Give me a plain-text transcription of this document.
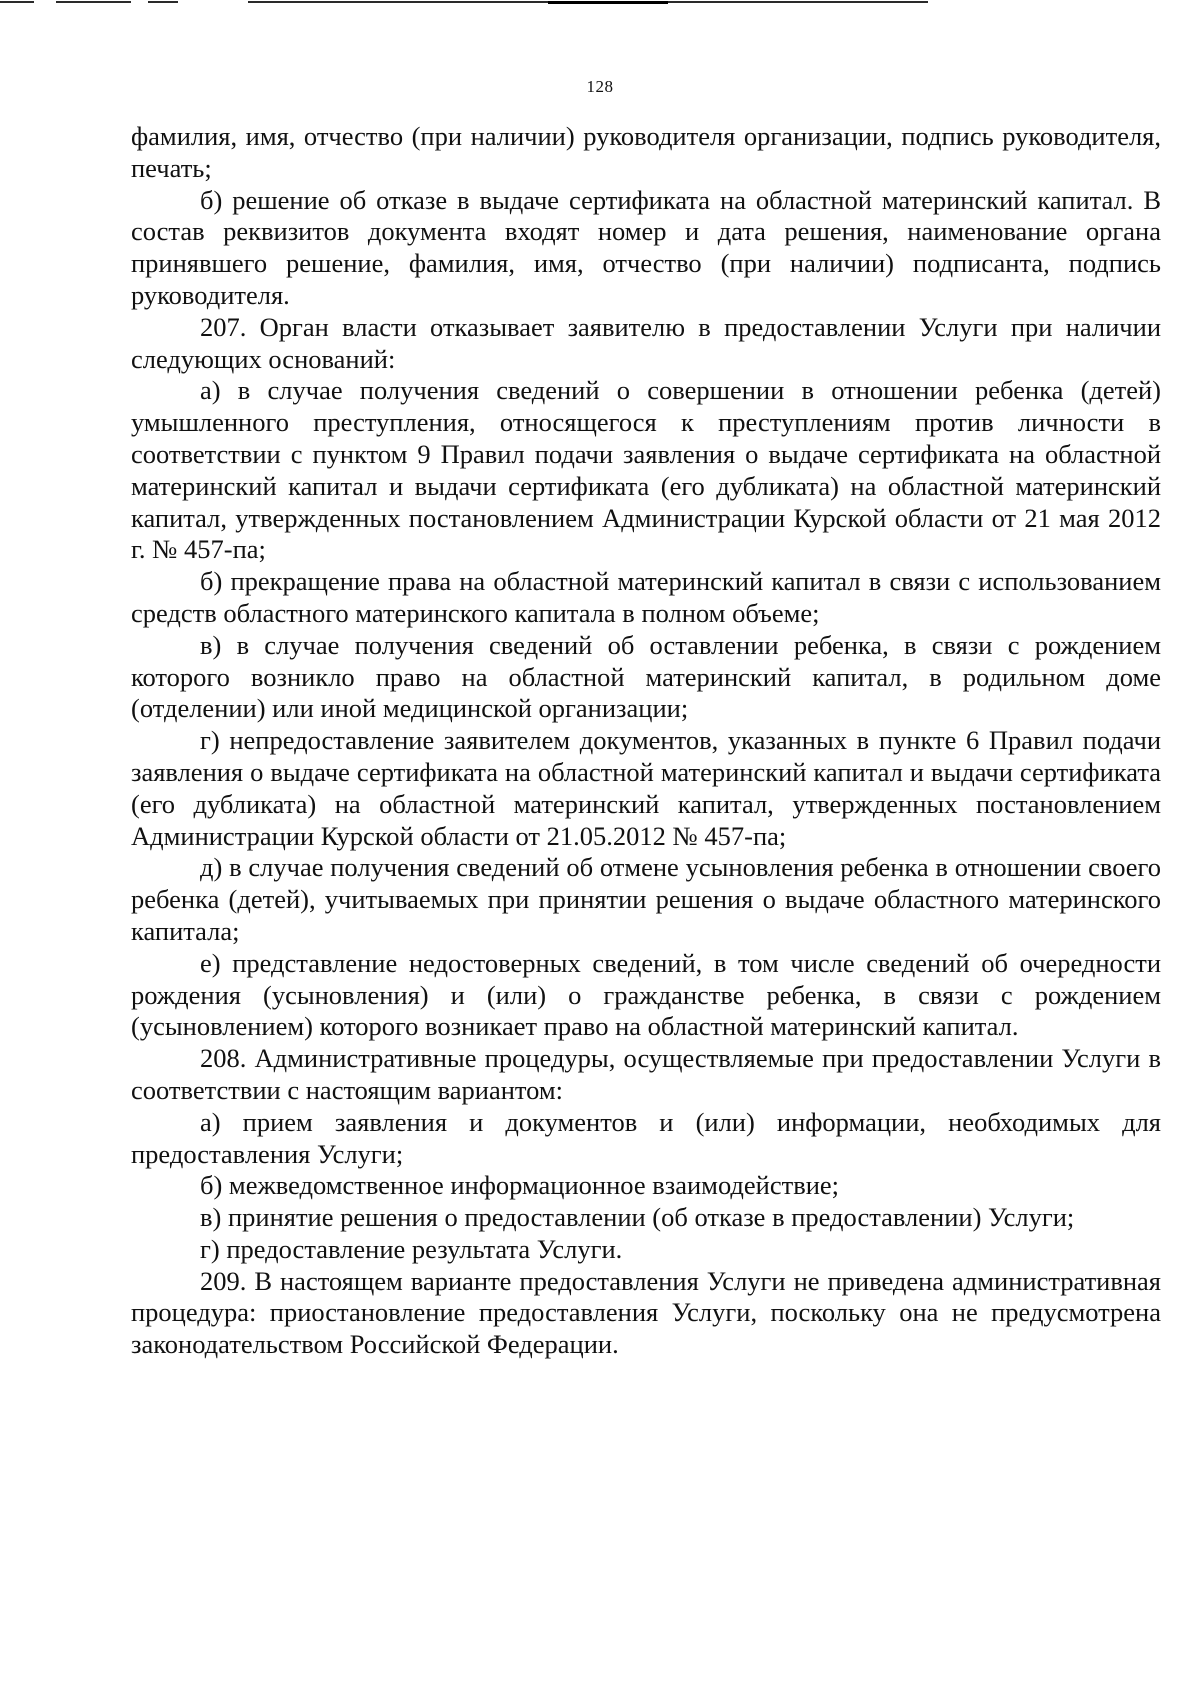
128

фамилия, имя, отчество (при наличии) руководителя организации, подпись руководителя, печать;

б) решение об отказе в выдаче сертификата на областной материнский капитал. В состав реквизитов документа входят номер и дата решения, наименование органа принявшего решение, фамилия, имя, отчество (при наличии) подписанта, подпись руководителя.

207. Орган власти отказывает заявителю в предоставлении Услуги при наличии следующих оснований:

а) в случае получения сведений о совершении в отношении ребенка (детей) умышленного преступления, относящегося к преступлениям против личности в соответствии с пунктом 9 Правил подачи заявления о выдаче сертификата на областной материнский капитал и выдачи сертификата (его дубликата) на областной материнский капитал, утвержденных постановлением Администрации Курской области от 21 мая 2012 г. № 457-па;

б) прекращение права на областной материнский капитал в связи с использованием средств областного материнского капитала в полном объеме;

в) в случае получения сведений об оставлении ребенка, в связи с рождением которого возникло право на областной материнский капитал, в родильном доме (отделении) или иной медицинской организации;

г) непредоставление заявителем документов, указанных в пункте 6 Правил подачи заявления о выдаче сертификата на областной материнский капитал и выдачи сертификата (его дубликата) на областной материнский капитал, утвержденных постановлением Администрации Курской области от 21.05.2012 № 457-па;

д) в случае получения сведений об отмене усыновления ребенка в отношении своего ребенка (детей), учитываемых при принятии решения о выдаче областного материнского капитала;

е) представление недостоверных сведений, в том числе сведений об очередности рождения (усыновления) и (или) о гражданстве ребенка, в связи с рождением (усыновлением) которого возникает право на областной материнский капитал.

208. Административные процедуры, осуществляемые при предоставлении Услуги в соответствии с настоящим вариантом:

а) прием заявления и документов и (или) информации, необходимых для предоставления Услуги;

б) межведомственное информационное взаимодействие;

в) принятие решения о предоставлении (об отказе в предоставлении) Услуги;

г) предоставление результата Услуги.

209. В настоящем варианте предоставления Услуги не приведена административная процедура: приостановление предоставления Услуги, поскольку она не предусмотрена законодательством Российской Федерации.
